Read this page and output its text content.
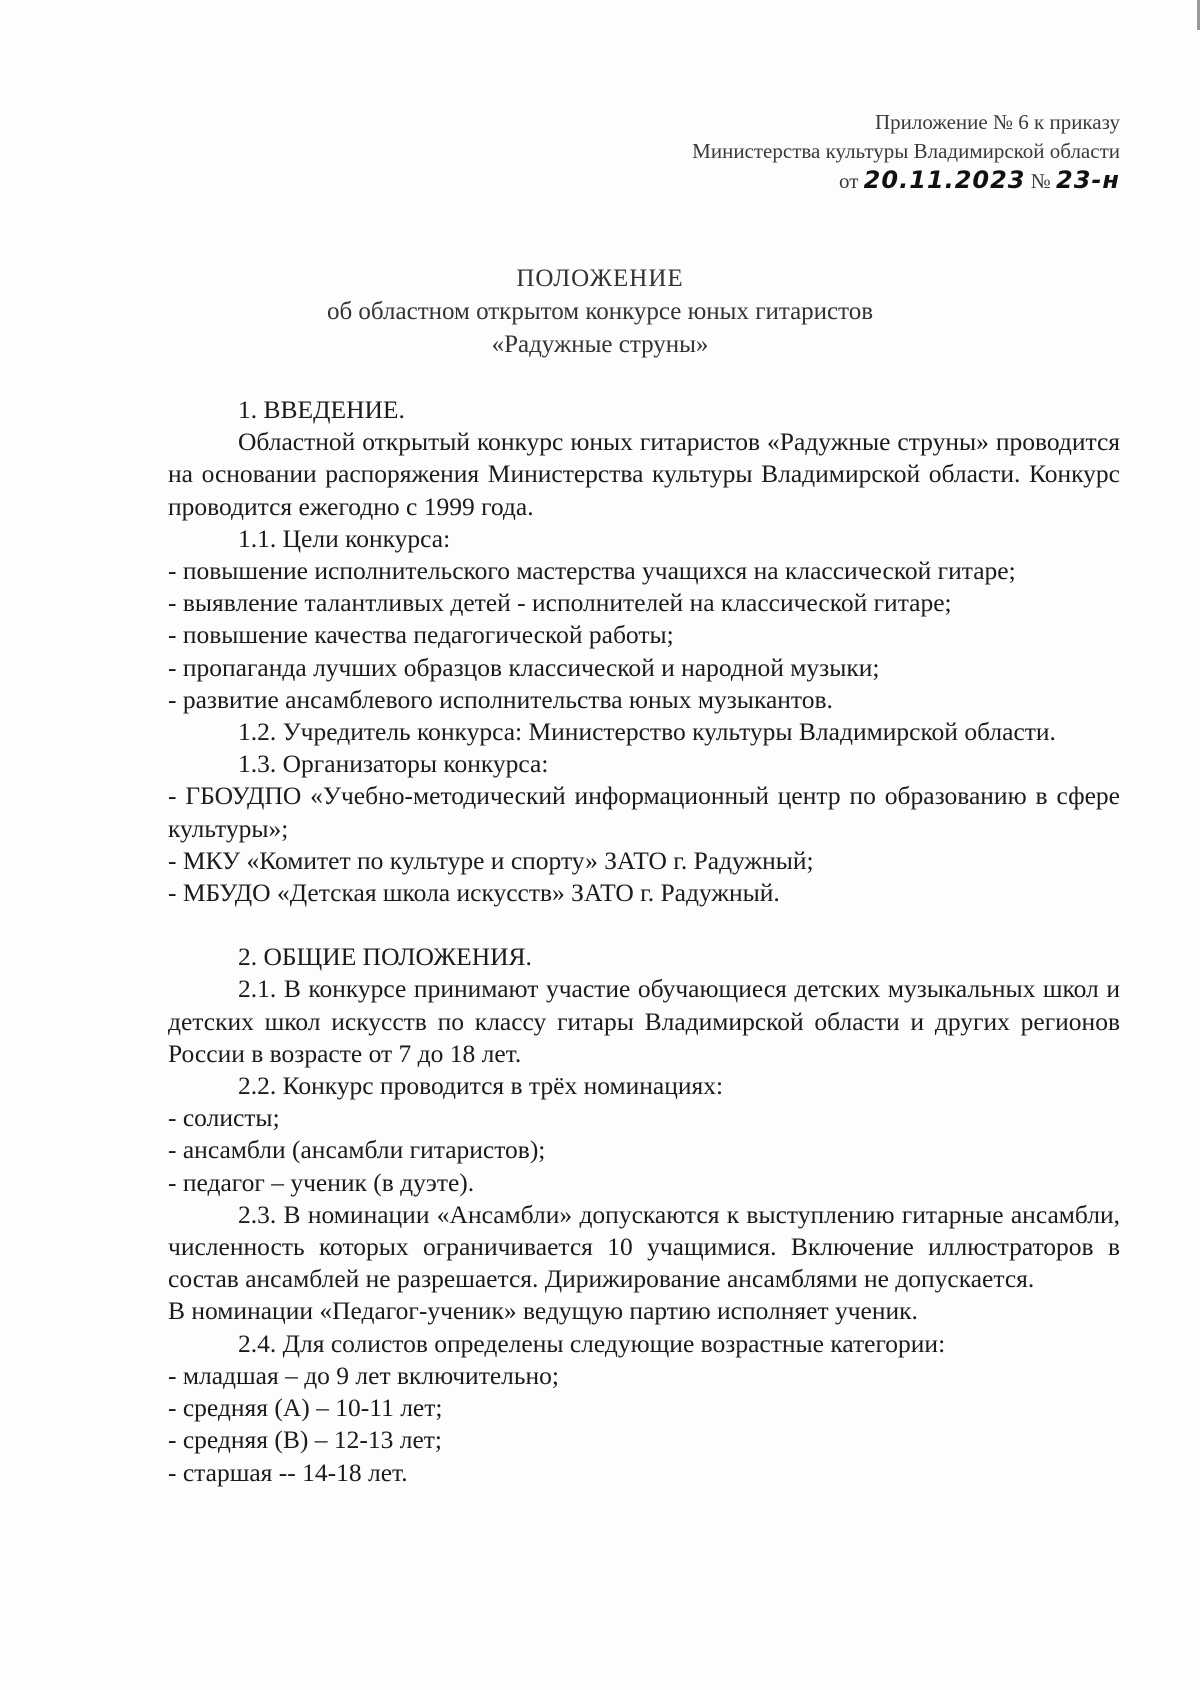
Приложение № 6 к приказу
Министерства культуры Владимирской области
от 20.11.2023 № 23-н
ПОЛОЖЕНИЕ
об областном открытом конкурсе юных гитаристов
«Радужные струны»
1. ВВЕДЕНИЕ.
Областной открытый конкурс юных гитаристов «Радужные струны» проводится на основании распоряжения Министерства культуры Владимирской области. Конкурс проводится ежегодно с 1999 года.
1.1. Цели конкурса:
- повышение исполнительского мастерства учащихся на классической гитаре;
- выявление талантливых детей - исполнителей на классической гитаре;
- повышение качества педагогической работы;
- пропаганда лучших образцов классической и народной музыки;
- развитие ансамблевого исполнительства юных музыкантов.
1.2. Учредитель конкурса: Министерство культуры Владимирской области.
1.3. Организаторы конкурса:
- ГБОУДПО «Учебно-методический информационный центр по образованию в сфере культуры»;
- МКУ «Комитет по культуре и спорту» ЗАТО г. Радужный;
- МБУДО «Детская школа искусств» ЗАТО г. Радужный.
2. ОБЩИЕ ПОЛОЖЕНИЯ.
2.1. В конкурсе принимают участие обучающиеся детских музыкальных школ и детских школ искусств по классу гитары Владимирской области и других регионов России в возрасте от 7 до 18 лет.
2.2. Конкурс проводится в трёх номинациях:
- солисты;
- ансамбли (ансамбли гитаристов);
- педагог – ученик (в дуэте).
2.3. В номинации «Ансамбли» допускаются к выступлению гитарные ансамбли, численность которых ограничивается 10 учащимися. Включение иллюстраторов в состав ансамблей не разрешается. Дирижирование ансамблями не допускается.
В номинации «Педагог-ученик» ведущую партию исполняет ученик.
2.4. Для солистов определены следующие возрастные категории:
- младшая – до 9 лет включительно;
- средняя (А) – 10-11 лет;
- средняя (В) – 12-13 лет;
- старшая -- 14-18 лет.
